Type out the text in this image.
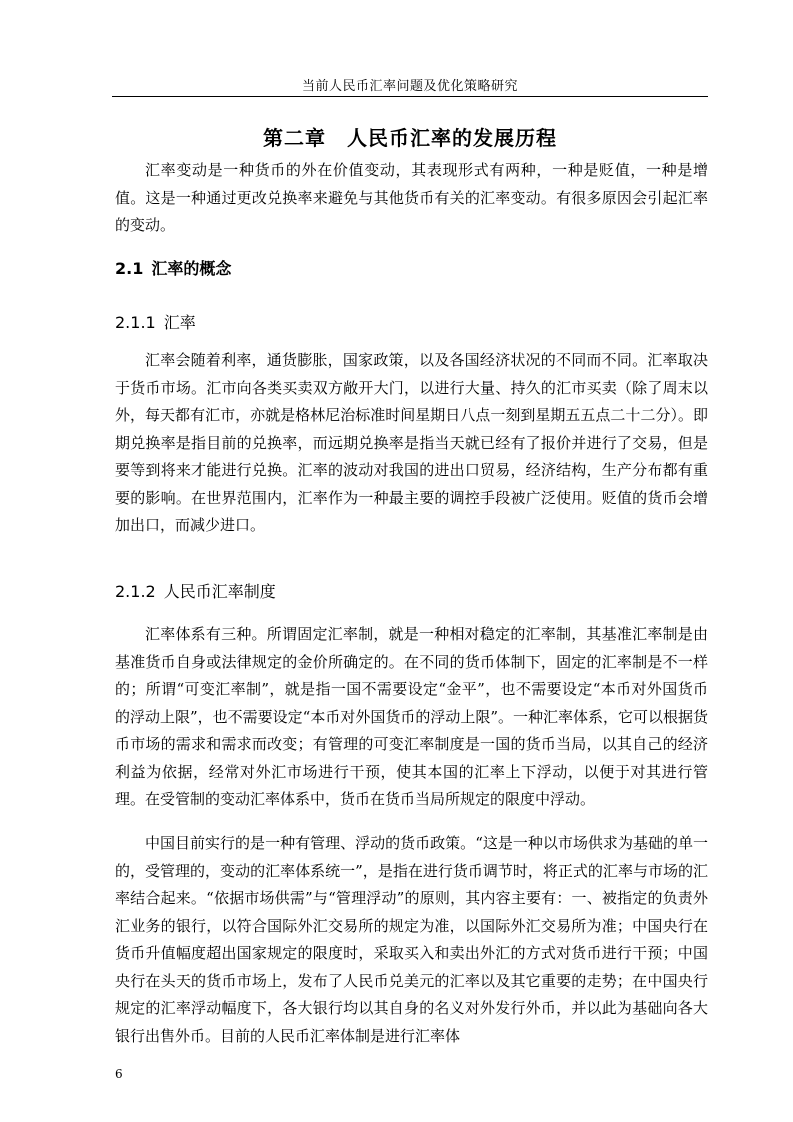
当前人民币汇率问题及优化策略研究
第二章　人民币汇率的发展历程

汇率变动是一种货币的外在价值变动，其表现形式有两种，一种是贬值，一种是增值。这是一种通过更改兑换率来避免与其他货币有关的汇率变动。有很多原因会引起汇率的变动。

2.1 汇率的概念
2.1.1 汇率

汇率会随着利率，通货膨胀，国家政策，以及各国经济状况的不同而不同。汇率取决于货币市场。汇市向各类买卖双方敞开大门，以进行大量、持久的汇市买卖（除了周末以外，每天都有汇市，亦就是格林尼治标准时间星期日八点一刻到星期五五点二十二分）。即期兑换率是指目前的兑换率，而远期兑换率是指当天就已经有了报价并进行了交易，但是要等到将来才能进行兑换。汇率的波动对我国的进出口贸易，经济结构，生产分布都有重要的影响。在世界范围内，汇率作为一种最主要的调控手段被广泛使用。贬值的货币会增加出口，而减少进口。

2.1.2 人民币汇率制度

汇率体系有三种。所谓固定汇率制，就是一种相对稳定的汇率制，其基准汇率制是由基准货币自身或法律规定的金价所确定的。在不同的货币体制下，固定的汇率制是不一样的；所谓“可变汇率制”，就是指一国不需要设定“金平”，也不需要设定“本币对外国货币的浮动上限”，也不需要设定“本币对外国货币的浮动上限”。一种汇率体系，它可以根据货币市场的需求和需求而改变；有管理的可变汇率制度是一国的货币当局，以其自己的经济利益为依据，经常对外汇市场进行干预，使其本国的汇率上下浮动，以便于对其进行管理。在受管制的变动汇率体系中，货币在货币当局所规定的限度中浮动。

中国目前实行的是一种有管理、浮动的货币政策。“这是一种以市场供求为基础的单一的，受管理的，变动的汇率体系统一”，是指在进行货币调节时，将正式的汇率与市场的汇率结合起来。“依据市场供需”与“管理浮动”的原则，其内容主要有：一、被指定的负责外汇业务的银行，以符合国际外汇交易所的规定为准，以国际外汇交易所为准；中国央行在货币升值幅度超出国家规定的限度时，采取买入和卖出外汇的方式对货币进行干预；中国央行在头天的货币市场上，发布了人民币兑美元的汇率以及其它重要的走势；在中国央行规定的汇率浮动幅度下，各大银行均以其自身的名义对外发行外币，并以此为基础向各大银行出售外币。目前的人民币汇率体制是进行汇率体

6
